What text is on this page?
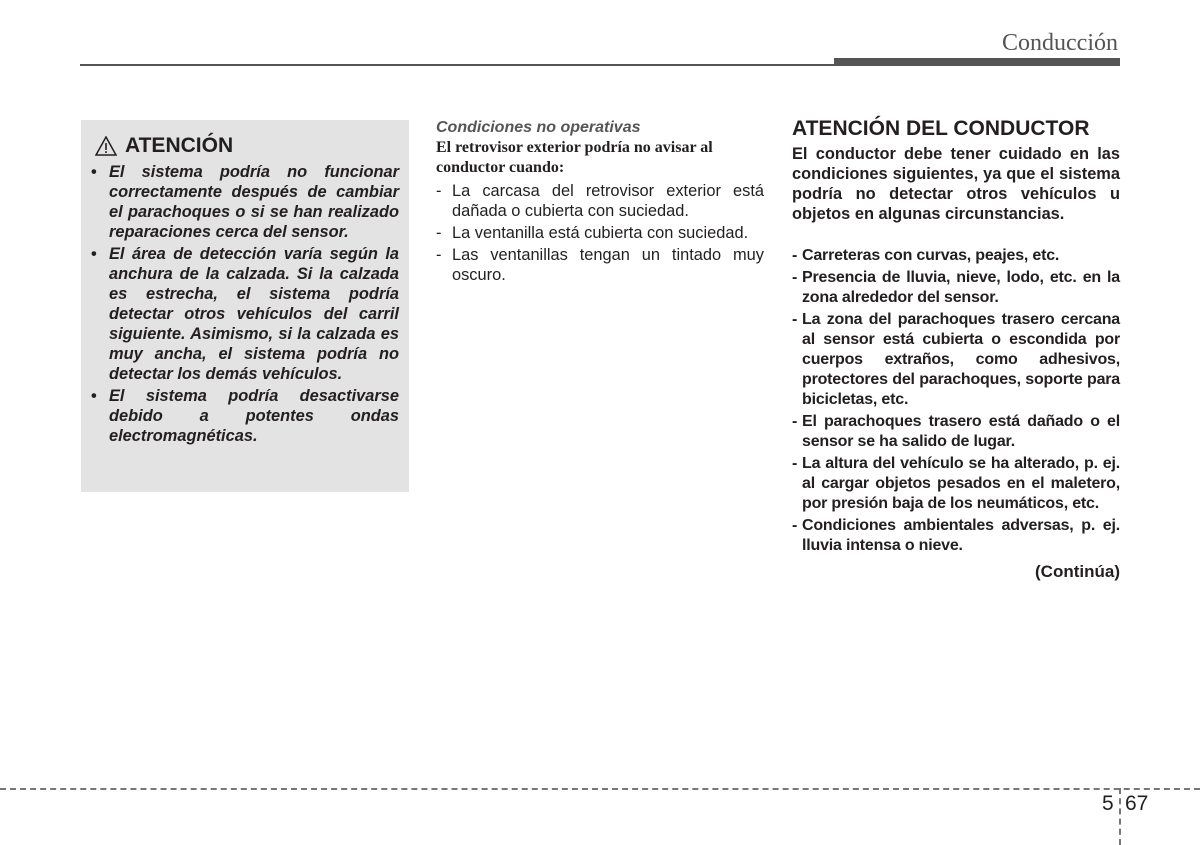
Conducción
ATENCIÓN
• El sistema podría no funcionar correctamente después de cambiar el parachoques o si se han realizado reparaciones cerca del sensor.
• El área de detección varía según la anchura de la calzada. Si la calzada es estrecha, el sistema podría detectar otros vehículos del carril siguiente. Asimismo, si la calzada es muy ancha, el sistema podría no detectar los demás vehículos.
• El sistema podría desactivarse debido a potentes ondas electromagnéticas.
Condiciones no operativas
El retrovisor exterior podría no avisar al conductor cuando:
- La carcasa del retrovisor exterior está dañada o cubierta con suciedad.
- La ventanilla está cubierta con suciedad.
- Las ventanillas tengan un tintado muy oscuro.
ATENCIÓN DEL CONDUCTOR
El conductor debe tener cuidado en las condiciones siguientes, ya que el sistema podría no detectar otros vehículos u objetos en algunas circunstancias.
- Carreteras con curvas, peajes, etc.
- Presencia de lluvia, nieve, lodo, etc. en la zona alrededor del sensor.
- La zona del parachoques trasero cercana al sensor está cubierta o escondida por cuerpos extraños, como adhesivos, protectores del parachoques, soporte para bicicletas, etc.
- El parachoques trasero está dañado o el sensor se ha salido de lugar.
- La altura del vehículo se ha alterado, p. ej. al cargar objetos pesados en el maletero, por presión baja de los neumáticos, etc.
- Condiciones ambientales adversas, p. ej. lluvia intensa o nieve.
(Continúa)
5 67
